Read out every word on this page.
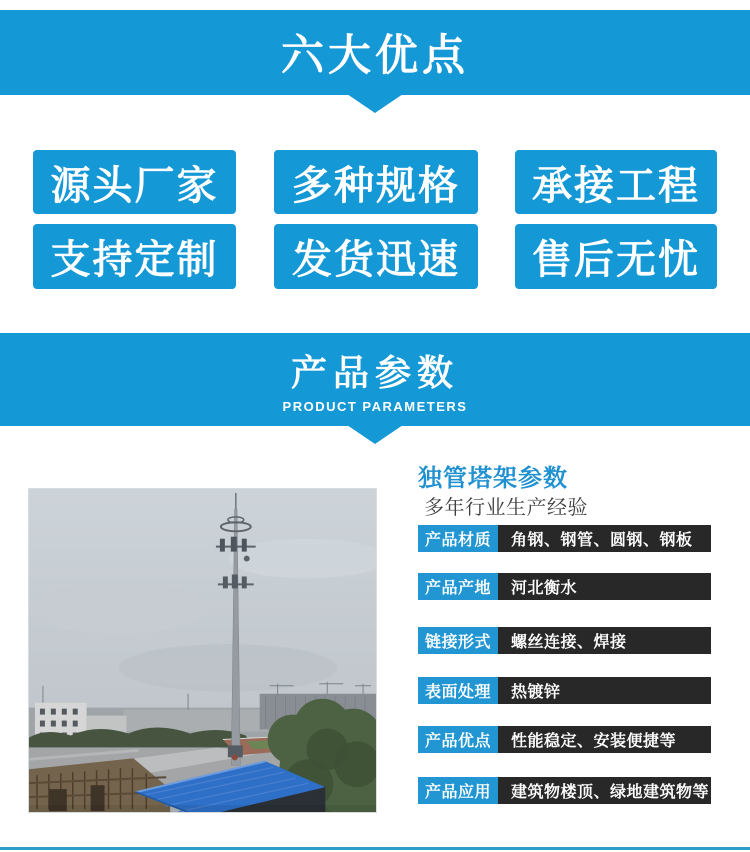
六大优点
源头厂家	多种规格	承接工程
支持定制	发货迅速	售后无忧
产品参数
PRODUCT PARAMETERS
独管塔架参数
多年行业生产经验
产品材质	角钢、钢管、圆钢、钢板
产品产地	河北衡水
链接形式	螺丝连接、焊接
表面处理	热镀锌
产品优点	性能稳定、安装便捷等
产品应用	建筑物楼顶、绿地建筑物等
